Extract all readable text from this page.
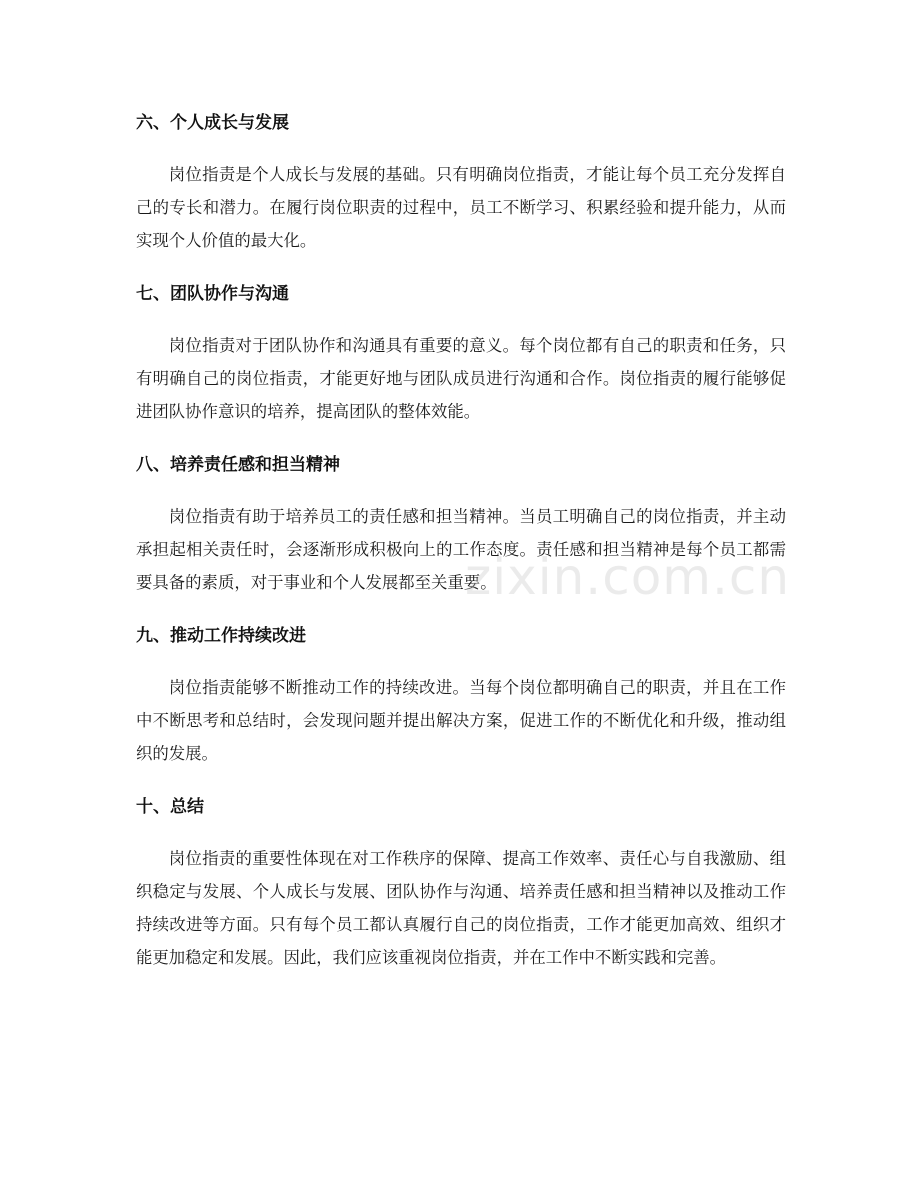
六、个人成长与发展

岗位指责是个人成长与发展的基础。只有明确岗位指责，才能让每个员工充分发挥自己的专长和潜力。在履行岗位职责的过程中，员工不断学习、积累经验和提升能力，从而实现个人价值的最大化。

七、团队协作与沟通

岗位指责对于团队协作和沟通具有重要的意义。每个岗位都有自己的职责和任务，只有明确自己的岗位指责，才能更好地与团队成员进行沟通和合作。岗位指责的履行能够促进团队协作意识的培养，提高团队的整体效能。

八、培养责任感和担当精神

岗位指责有助于培养员工的责任感和担当精神。当员工明确自己的岗位指责，并主动承担起相关责任时，会逐渐形成积极向上的工作态度。责任感和担当精神是每个员工都需要具备的素质，对于事业和个人发展都至关重要。

九、推动工作持续改进

岗位指责能够不断推动工作的持续改进。当每个岗位都明确自己的职责，并且在工作中不断思考和总结时，会发现问题并提出解决方案，促进工作的不断优化和升级，推动组织的发展。

十、总结

岗位指责的重要性体现在对工作秩序的保障、提高工作效率、责任心与自我激励、组织稳定与发展、个人成长与发展、团队协作与沟通、培养责任感和担当精神以及推动工作持续改进等方面。只有每个员工都认真履行自己的岗位指责，工作才能更加高效、组织才能更加稳定和发展。因此，我们应该重视岗位指责，并在工作中不断实践和完善。

zixin.com.cn
